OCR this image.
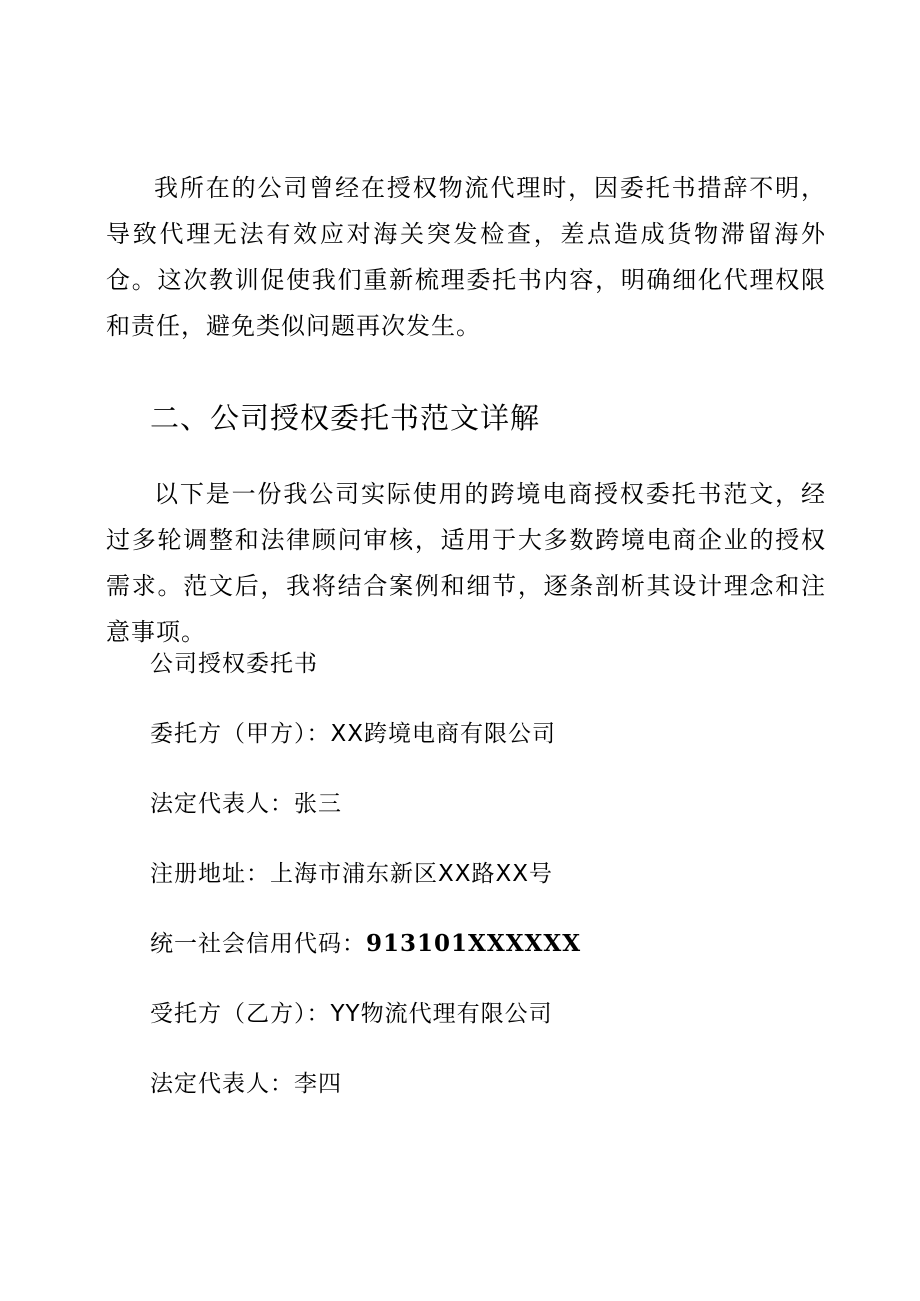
我所在的公司曾经在授权物流代理时，因委托书措辞不明，导致代理无法有效应对海关突发检查，差点造成货物滞留海外仓。这次教训促使我们重新梳理委托书内容，明确细化代理权限和责任，避免类似问题再次发生。

二、公司授权委托书范文详解

以下是一份我公司实际使用的跨境电商授权委托书范文，经过多轮调整和法律顾问审核，适用于大多数跨境电商企业的授权需求。范文后，我将结合案例和细节，逐条剖析其设计理念和注意事项。

公司授权委托书
委托方（甲方）：XX跨境电商有限公司
法定代表人：张三
注册地址：上海市浦东新区XX路XX号
统一社会信用代码：913101XXXXXX
受托方（乙方）：YY物流代理有限公司
法定代表人：李四
